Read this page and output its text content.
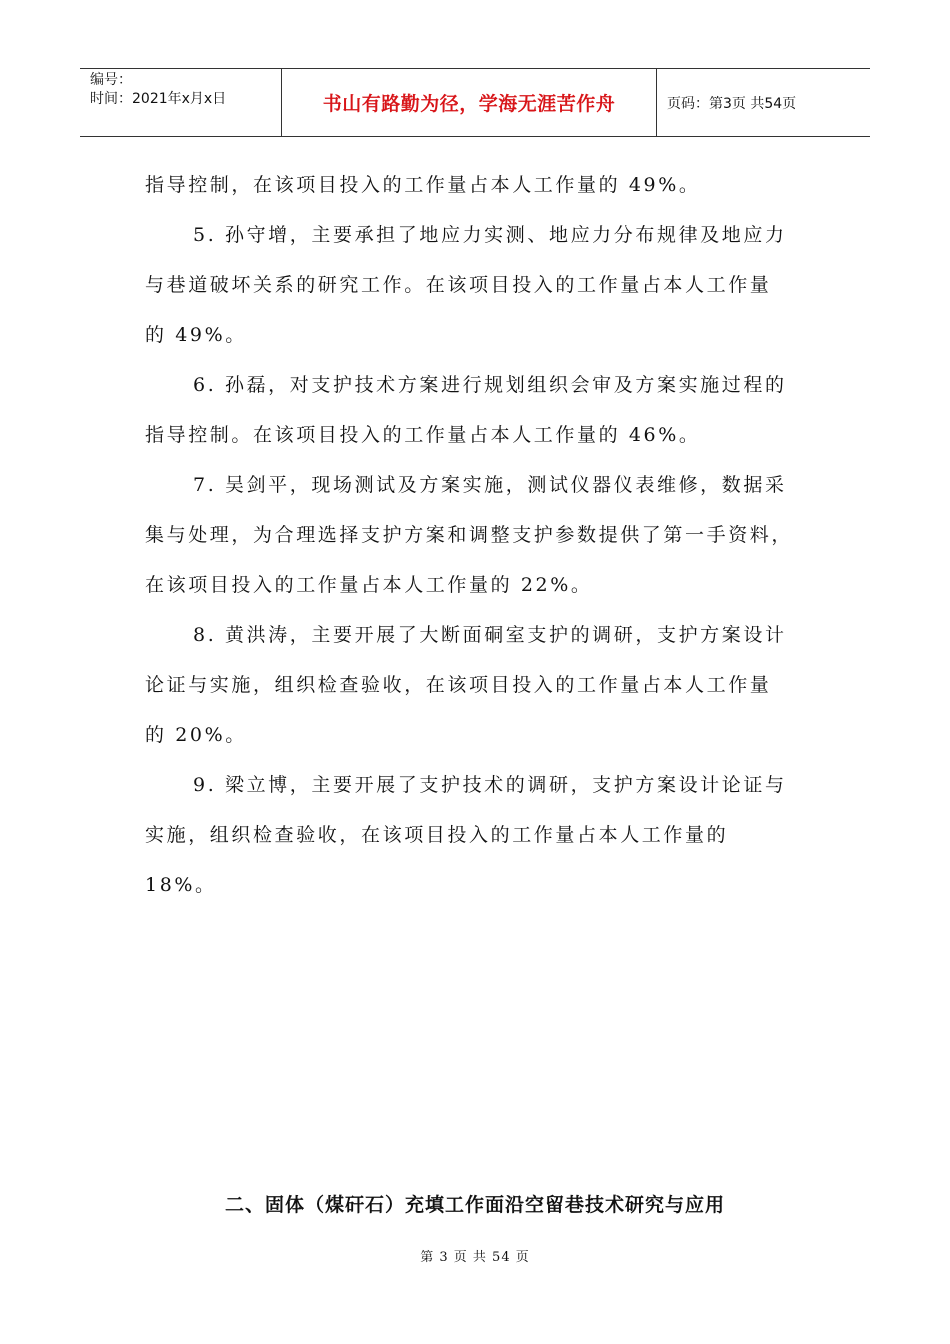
编号：
时间：2021年x月x日	书山有路勤为径，学海无涯苦作舟	页码：第3页 共54页

指导控制，在该项目投入的工作量占本人工作量的 49%。

5. 孙守增，主要承担了地应力实测、地应力分布规律及地应力

与巷道破坏关系的研究工作。在该项目投入的工作量占本人工作量

的 49%。

6. 孙磊，对支护技术方案进行规划组织会审及方案实施过程的

指导控制。在该项目投入的工作量占本人工作量的 46%。

7. 吴剑平，现场测试及方案实施，测试仪器仪表维修，数据采

集与处理，为合理选择支护方案和调整支护参数提供了第一手资料，

在该项目投入的工作量占本人工作量的 22%。

8. 黄洪涛，主要开展了大断面硐室支护的调研，支护方案设计

论证与实施，组织检查验收，在该项目投入的工作量占本人工作量

的 20%。

9. 梁立博，主要开展了支护技术的调研，支护方案设计论证与

实施，组织检查验收，在该项目投入的工作量占本人工作量的

18%。

二、固体（煤矸石）充填工作面沿空留巷技术研究与应用
第 3 页 共 54 页
